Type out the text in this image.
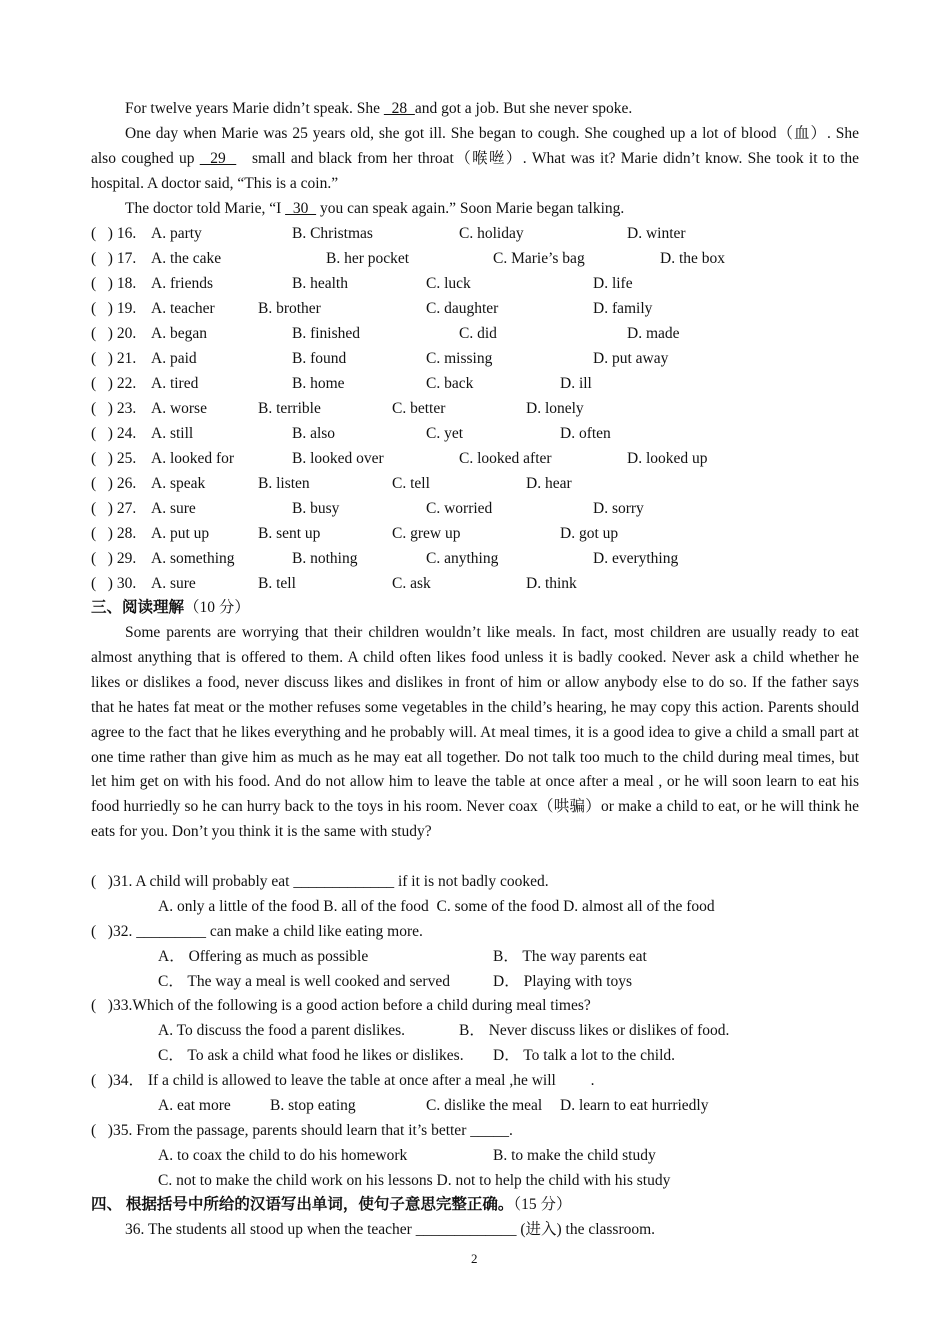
For twelve years Marie didn’t speak. She   28  and got a job. But she never spoke.
One day when Marie was 25 years old, she got ill. She began to cough. She coughed up a lot of blood（血）. She also coughed up   29     small and black from her throat（喉咝）. What was it? Marie didn’t know. She took it to the hospital. A doctor said, “This is a coin.”
The doctor told Marie, “I   30   you can speak again.” Soon Marie began talking.
(   ) 16. A. party	B. Christmas	C. holiday	D. winter
(   ) 17. A. the cake	B. her pocket	C. Marie’s bag	D. the box
(   ) 18. A. friends	B. health	C. luck	D. life
(   ) 19. A. teacher	B. brother	C. daughter	D. family
(   ) 20. A. began	B. finished	C. did	D. made
(   ) 21. A. paid	B. found	C. missing	D. put away
(   ) 22. A. tired	B. home	C. back	D. ill
(   ) 23. A. worse	B. terrible	C. better	D. lonely
(   ) 24. A. still	B. also	C. yet	D. often
(   ) 25. A. looked for	B. looked over	C. looked after	D. looked up
(   ) 26. A. speak	B. listen	C. tell	D. hear
(   ) 27. A. sure	B. busy	C. worried	D. sorry
(   ) 28. A. put up	B. sent up	C. grew up	D. got up
(   ) 29. A. something	B. nothing	C. anything	D. everything
(   ) 30. A. sure	B. tell	C. ask	D. think
三、阅读理解（10 分）
Some parents are worrying that their children wouldn’t like meals. In fact, most children are usually ready to eat almost anything that is offered to them. A child often likes food unless it is badly cooked. Never ask a child whether he likes or dislikes a food, never discuss likes and dislikes in front of him or allow anybody else to do so. If the father says that he hates fat meat or the mother refuses some vegetables in the child’s hearing, he may copy this action. Parents should agree to the fact that he likes everything and he probably will. At meal times, it is a good idea to give a child a small part at one time rather than give him as much as he may eat all together. Do not talk too much to the child during meal times, but let him get on with his food. And do not allow him to leave the table at once after a meal , or he will soon learn to eat his food hurriedly so he can hurry back to the toys in his room. Never coax（哄骗）or make a child to eat, or he will think he eats for you. Don’t you think it is the same with study?
(   )31. A child will probably eat _____________ if it is not badly cooked.
A. only a little of the food B. all of the food  C. some of the food D. almost all of the food
(   )32. _________ can make a child like eating more.
A． Offering as much as possible	B． The way parents eat
C． The way a meal is well cooked and served	D． Playing with toys
(   )33.Which of the following is a good action before a child during meal times?
A. To discuss the food a parent dislikes.	B． Never discuss likes or dislikes of food.
C． To ask a child what food he likes or dislikes. D． To talk a lot to the child.
(   )34． If a child is allowed to leave the table at once after a meal ,he will         .
A. eat more	B. stop eating	C. dislike the meal D. learn to eat hurriedly
(   )35. From the passage, parents should learn that it’s better _____.
A. to coax the child to do his homework	B. to make the child study
C. not to make the child work on his lessons D. not to help the child with his study
四、 根据括号中所给的汉语写出单词，使句子意思完整正确。（15 分）
36. The students all stood up when the teacher _____________ (进入) the classroom.
2
